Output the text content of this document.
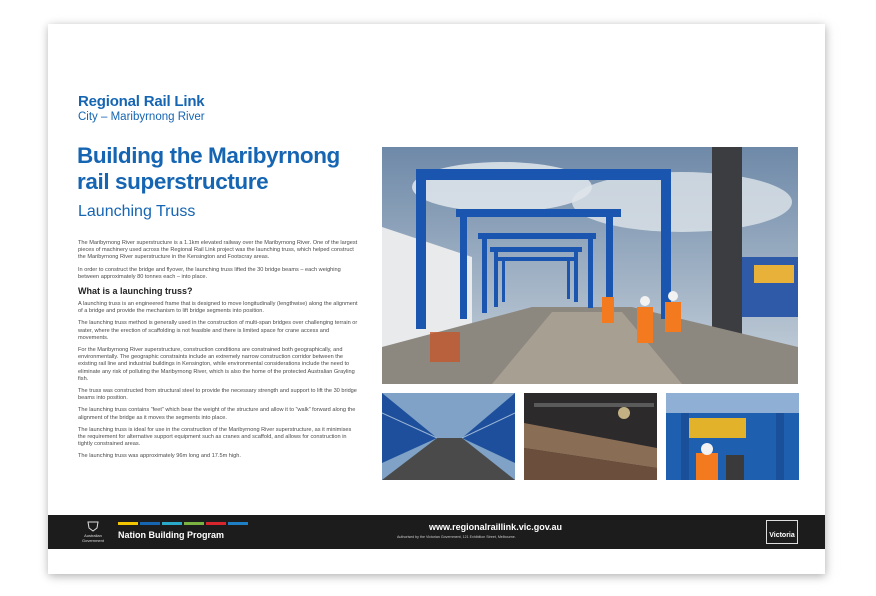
Regional Rail Link
City – Maribyrnong River
Building the Maribyrnong rail superstructure
Launching Truss

The Maribyrnong River superstructure is a 1.1km elevated railway over the Maribyrnong River. One of the largest pieces of machinery used across the Regional Rail Link project was the launching truss, which helped construct the Maribyrnong River superstructure in the Kensington and Footscray areas.

In order to construct the bridge and flyover, the launching truss lifted the 30 bridge beams – each weighing between approximately 80 tonnes each – into place.

What is a launching truss?

A launching truss is an engineered frame that is designed to move longitudinally (lengthwise) along the alignment of a bridge and provide the mechanism to lift bridge segments into position.

The launching truss method is generally used in the construction of multi-span bridges over challenging terrain or water, where the erection of scaffolding is not feasible and there is limited space for crane access and movements.

For the Maribyrnong River superstructure, construction conditions are constrained both geographically, and environmentally. The geographic constraints include an extremely narrow construction corridor between the existing rail line and industrial buildings in Kensington, while environmental considerations include the need to eliminate any risk of polluting the Maribyrnong River, which is also the home of the protected Australian Grayling fish.

The truss was constructed from structural steel to provide the necessary strength and support to lift the 30 bridge beams into position.

The launching truss contains “feet” which bear the weight of the structure and allow it to “walk” forward along the alignment of the bridge as it moves the segments into place.

The launching truss is ideal for use in the construction of the Maribyrnong River superstructure, as it minimises the requirement for alternative support equipment such as cranes and scaffold, and allows for construction in tightly constrained areas.

The launching truss was approximately 96m long and 17.5m high.

Australian Government
Nation Building Program
www.regionalraillink.vic.gov.au
Authorised by the Victorian Government, 121 Exhibition Street, Melbourne.	Victoria
